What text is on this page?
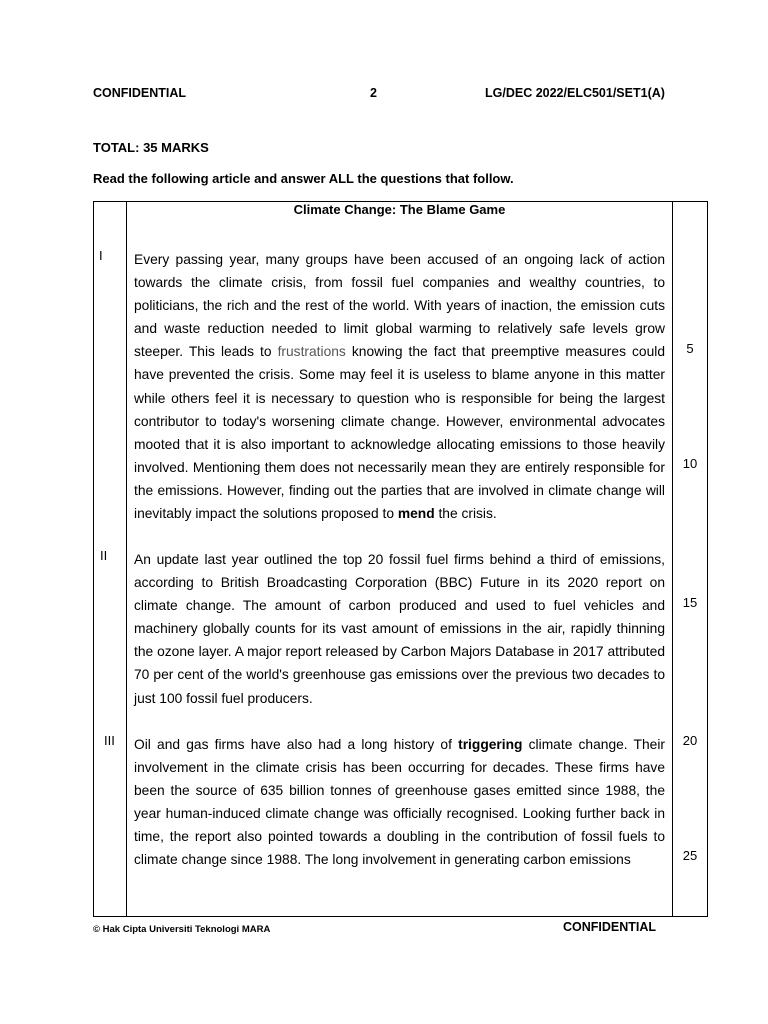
CONFIDENTIAL	2	LG/DEC 2022/ELC501/SET1(A)
TOTAL: 35 MARKS
Read the following article and answer ALL the questions that follow.
Climate Change: The Blame Game
I Every passing year, many groups have been accused of an ongoing lack of action towards the climate crisis, from fossil fuel companies and wealthy countries, to politicians, the rich and the rest of the world. With years of inaction, the emission cuts and waste reduction needed to limit global warming to relatively safe levels grow steeper. This leads to frustrations knowing the fact that preemptive measures could have prevented the crisis. Some may feel it is useless to blame anyone in this matter while others feel it is necessary to question who is responsible for being the largest contributor to today's worsening climate change. However, environmental advocates mooted that it is also important to acknowledge allocating emissions to those heavily involved. Mentioning them does not necessarily mean they are entirely responsible for the emissions. However, finding out the parties that are involved in climate change will inevitably impact the solutions proposed to mend the crisis.

II An update last year outlined the top 20 fossil fuel firms behind a third of emissions, according to British Broadcasting Corporation (BBC) Future in its 2020 report on climate change. The amount of carbon produced and used to fuel vehicles and machinery globally counts for its vast amount of emissions in the air, rapidly thinning the ozone layer. A major report released by Carbon Majors Database in 2017 attributed 70 per cent of the world's greenhouse gas emissions over the previous two decades to just 100 fossil fuel producers.

III Oil and gas firms have also had a long history of triggering climate change. Their involvement in the climate crisis has been occurring for decades. These firms have been the source of 635 billion tonnes of greenhouse gases emitted since 1988, the year human-induced climate change was officially recognised. Looking further back in time, the report also pointed towards a doubling in the contribution of fossil fuels to climate change since 1988. The long involvement in generating carbon emissions

5
10
15
20
25
© Hak Cipta Universiti Teknologi MARA	CONFIDENTIAL
